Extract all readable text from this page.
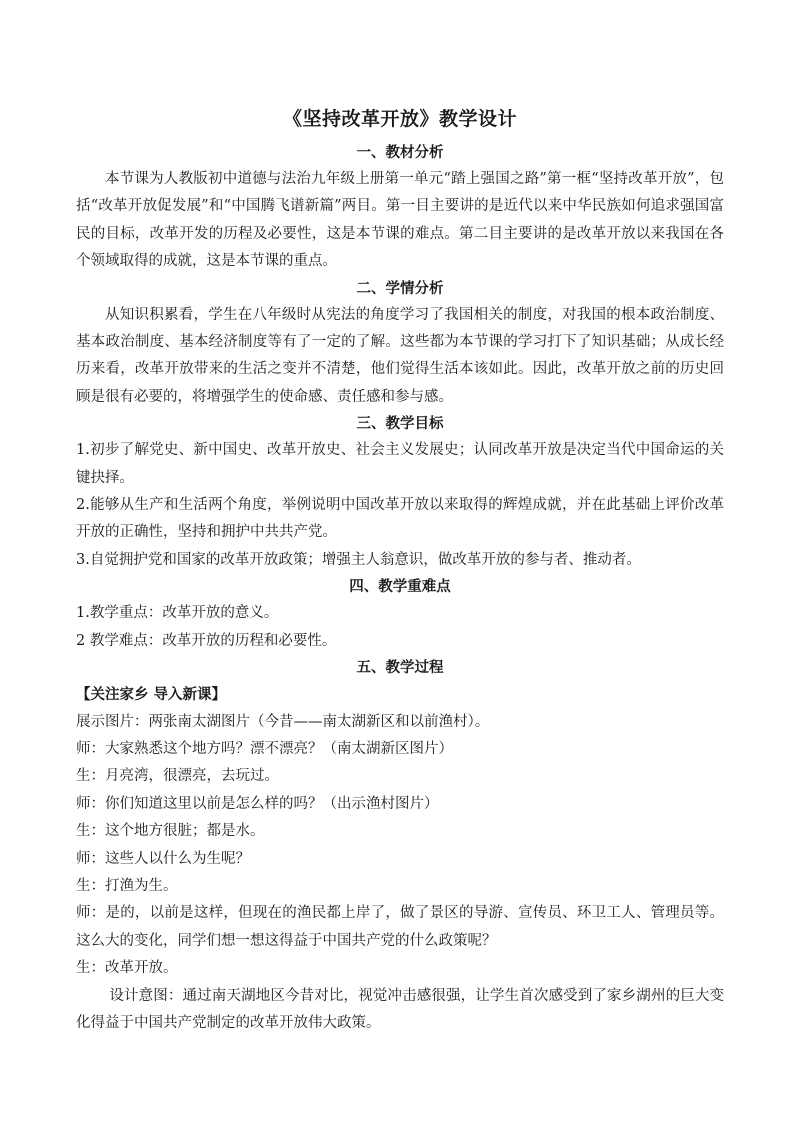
《坚持改革开放》教学设计
一、教材分析

本节课为人教版初中道德与法治九年级上册第一单元“踏上强国之路”第一框“坚持改革开放”，包括“改革开放促发展”和“中国腾飞谱新篇”两目。第一目主要讲的是近代以来中华民族如何追求强国富民的目标，改革开发的历程及必要性，这是本节课的难点。第二目主要讲的是改革开放以来我国在各个领域取得的成就，这是本节课的重点。

二、学情分析

从知识积累看，学生在八年级时从宪法的角度学习了我国相关的制度，对我国的根本政治制度、基本政治制度、基本经济制度等有了一定的了解。这些都为本节课的学习打下了知识基础；从成长经历来看，改革开放带来的生活之变并不清楚，他们觉得生活本该如此。因此，改革开放之前的历史回顾是很有必要的，将增强学生的使命感、责任感和参与感。

三、教学目标

1.初步了解党史、新中国史、改革开放史、社会主义发展史；认同改革开放是决定当代中国命运的关键抉择。

2.能够从生产和生活两个角度，举例说明中国改革开放以来取得的辉煌成就，并在此基础上评价改革开放的正确性，坚持和拥护中共共产党。

3.自觉拥护党和国家的改革开放政策；增强主人翁意识，做改革开放的参与者、推动者。

四、教学重难点

1.教学重点：改革开放的意义。

2 教学难点：改革开放的历程和必要性。

五、教学过程

【关注家乡 导入新课】

展示图片：两张南太湖图片（今昔——南太湖新区和以前渔村）。

师：大家熟悉这个地方吗？漂不漂亮？（南太湖新区图片）

生：月亮湾，很漂亮，去玩过。

师：你们知道这里以前是怎么样的吗？（出示渔村图片）

生：这个地方很脏；都是水。

师：这些人以什么为生呢？

生：打渔为生。

师：是的，以前是这样，但现在的渔民都上岸了，做了景区的导游、宣传员、环卫工人、管理员等。这么大的变化，同学们想一想这得益于中国共产党的什么政策呢？

生：改革开放。

设计意图：通过南天湖地区今昔对比，视觉冲击感很强，让学生首次感受到了家乡湖州的巨大变化得益于中国共产党制定的改革开放伟大政策。
